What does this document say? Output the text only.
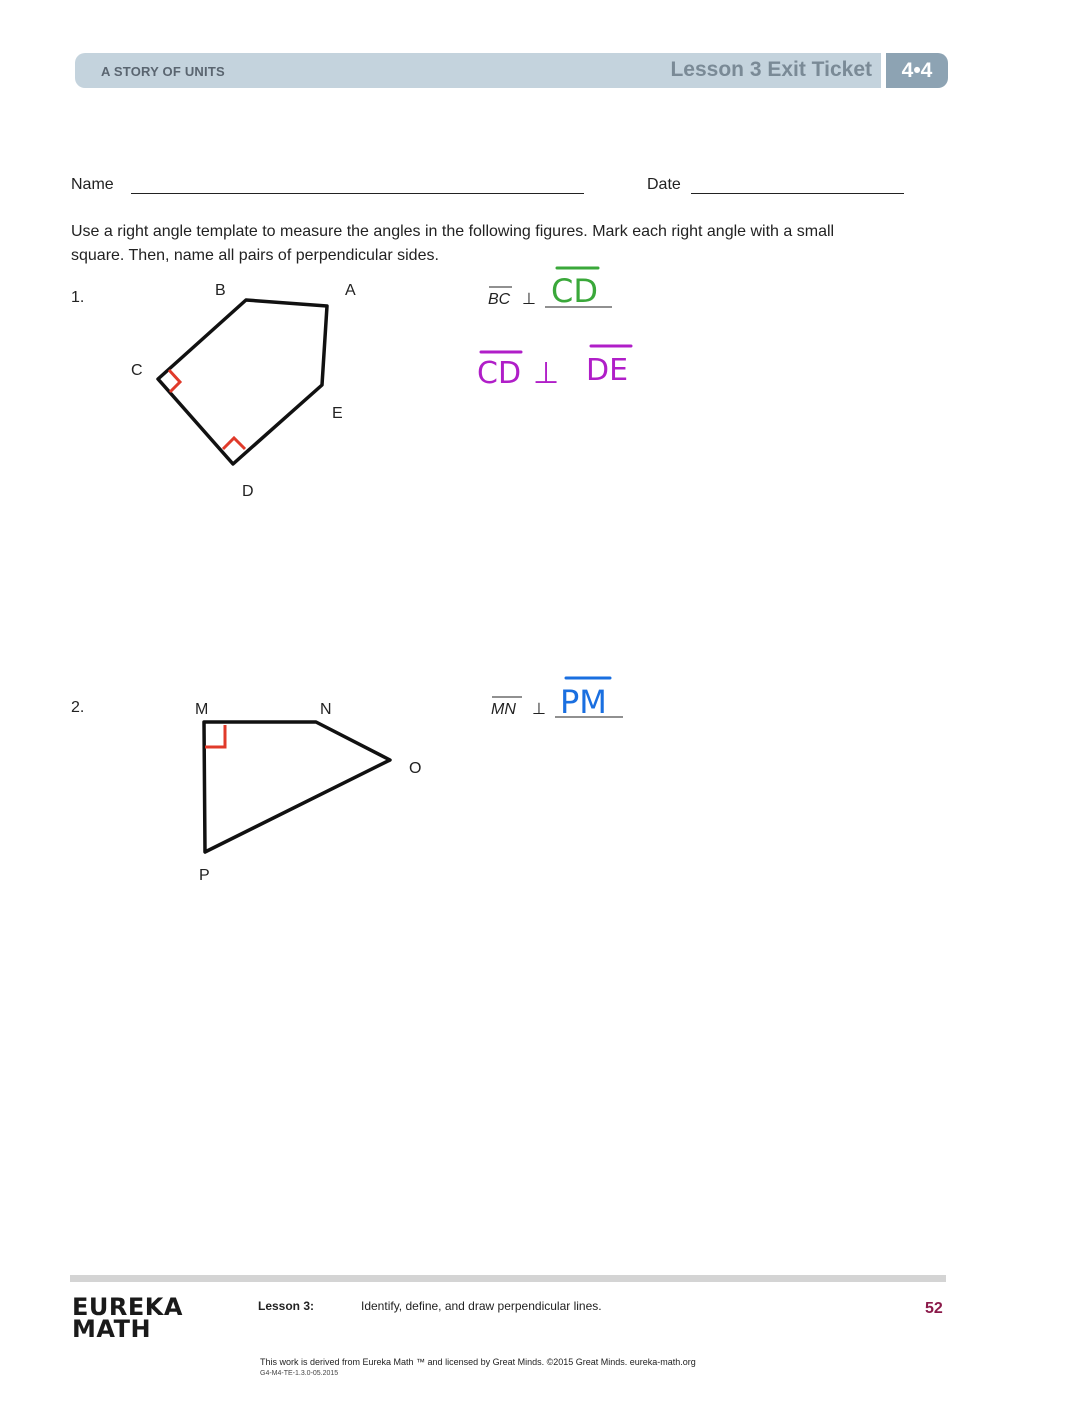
A STORY OF UNITS	Lesson 3 Exit Ticket	4•4
Name	Date
Use a right angle template to measure the angles in the following figures. Mark each right angle with a small
square. Then, name all pairs of perpendicular sides.
1.
2.
B	A
C
E
D
BC ⊥ CD
CD ⊥ DE
M	N
O
P
MN ⊥ PM
EUREKA
MATH
Lesson 3:	Identify, define, and draw perpendicular lines.	52
This work is derived from Eureka Math ™ and licensed by Great Minds. ©2015 Great Minds. eureka-math.org
G4-M4-TE-1.3.0-05.2015
